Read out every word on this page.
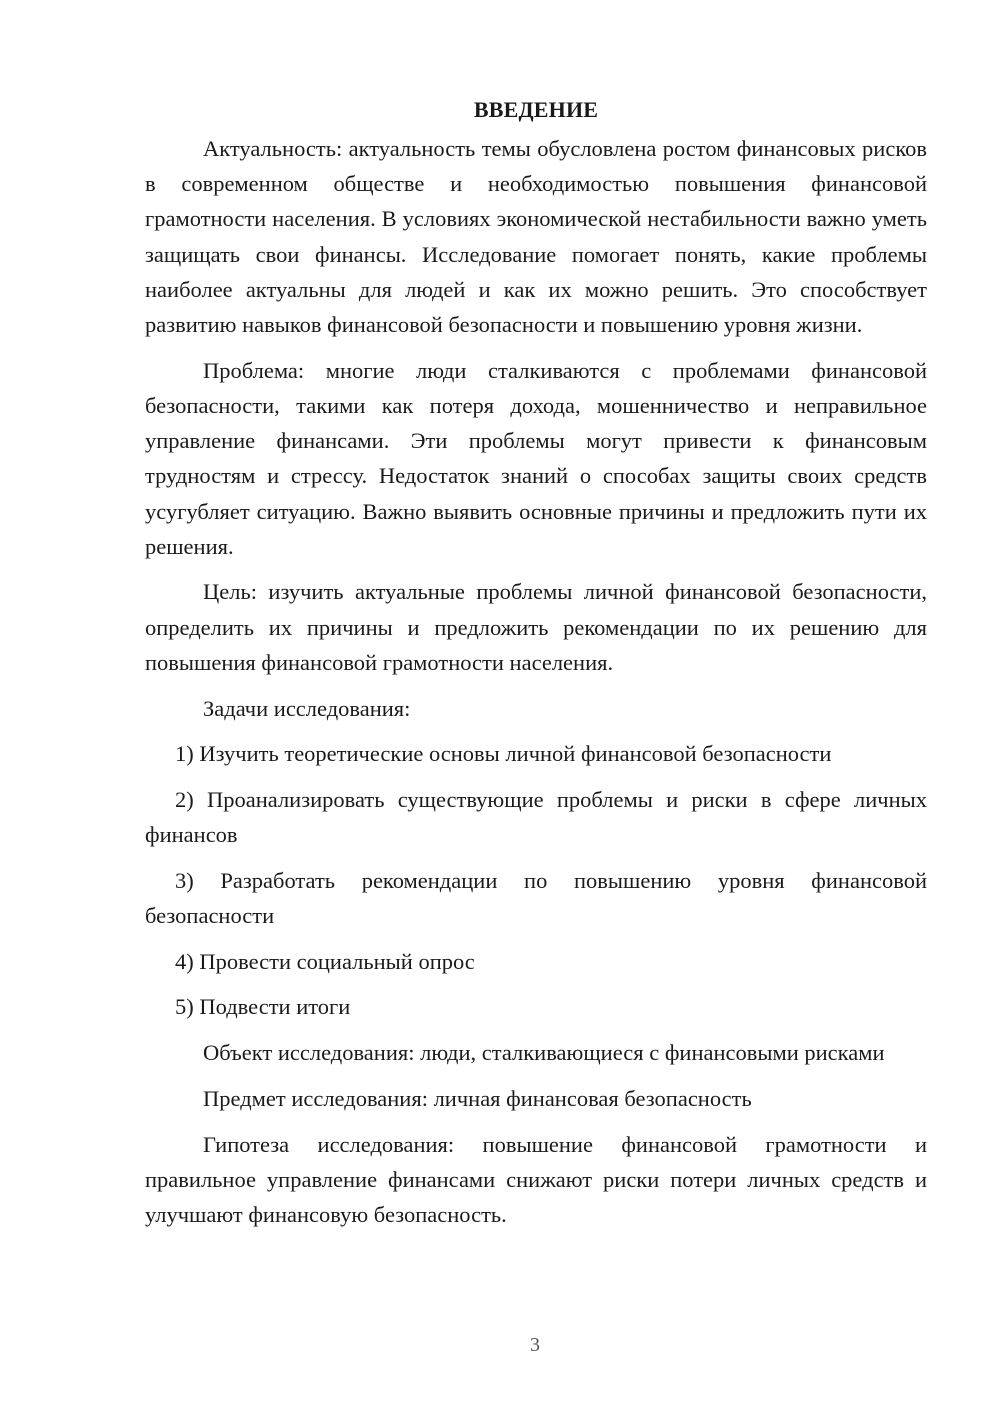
ВВЕДЕНИЕ

Актуальность: актуальность темы обусловлена ростом финансовых рисков в современном обществе и необходимостью повышения финансовой грамотности населения. В условиях экономической нестабильности важно уметь защищать свои финансы. Исследование помогает понять, какие проблемы наиболее актуальны для людей и как их можно решить. Это способствует развитию навыков финансовой безопасности и повышению уровня жизни.

Проблема: многие люди сталкиваются с проблемами финансовой безопасности, такими как потеря дохода, мошенничество и неправильное управление финансами. Эти проблемы могут привести к финансовым трудностям и стрессу. Недостаток знаний о способах защиты своих средств усугубляет ситуацию. Важно выявить основные причины и предложить пути их решения.

Цель: изучить актуальные проблемы личной финансовой безопасности, определить их причины и предложить рекомендации по их решению для повышения финансовой грамотности населения.

Задачи исследования:

1) Изучить теоретические основы личной финансовой безопасности

2) Проанализировать существующие проблемы и риски в сфере личных финансов

3) Разработать рекомендации по повышению уровня финансовой безопасности

4) Провести социальный опрос

5) Подвести итоги

Объект исследования: люди, сталкивающиеся с финансовыми рисками

Предмет исследования: личная финансовая безопасность

Гипотеза исследования: повышение финансовой грамотности и правильное управление финансами снижают риски потери личных средств и улучшают финансовую безопасность.

3
